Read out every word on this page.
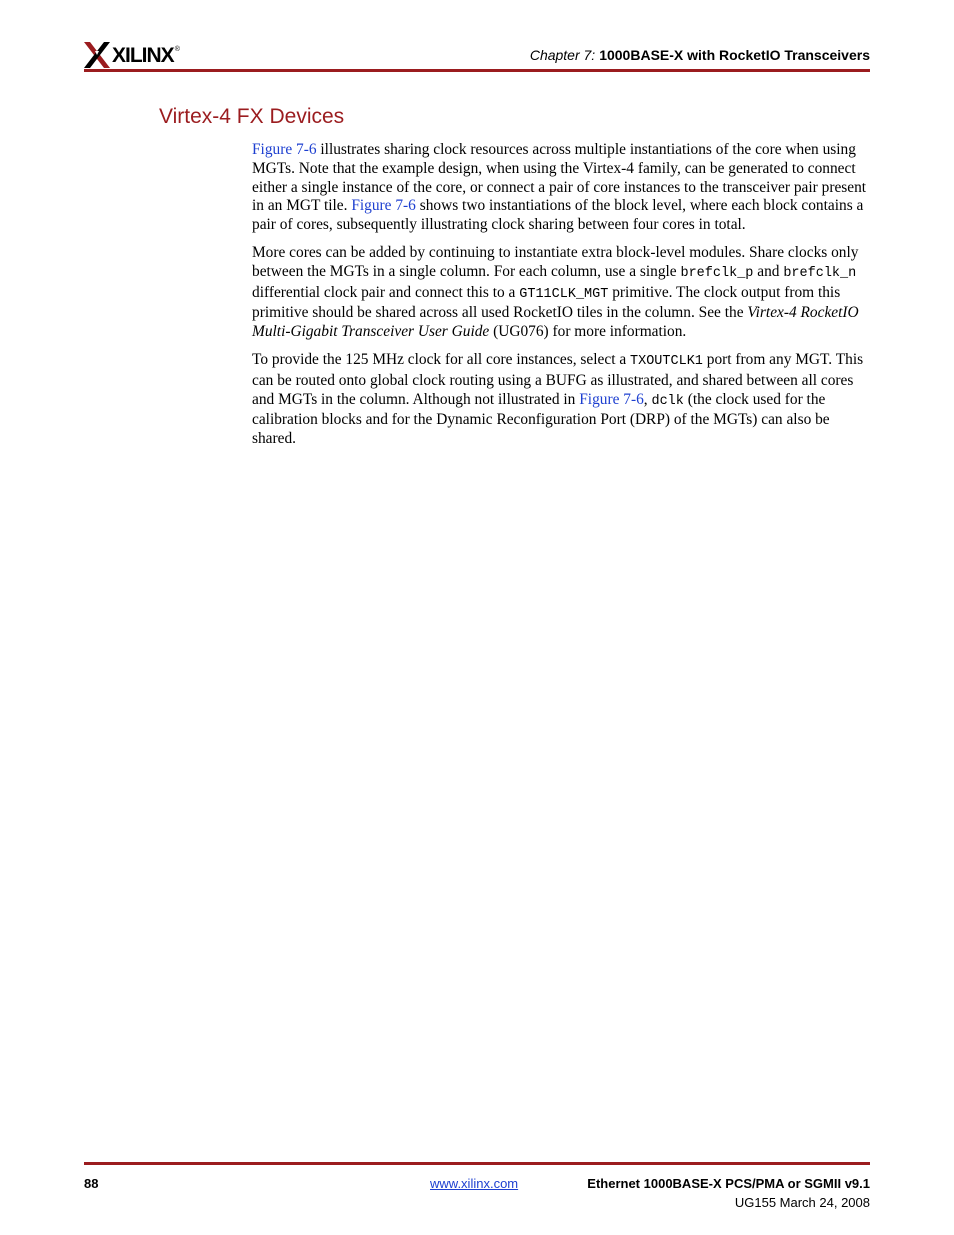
XILINX ®	Chapter 7: 1000BASE-X with RocketIO Transceivers
Virtex-4 FX Devices

Figure 7-6 illustrates sharing clock resources across multiple instantiations of the core when using MGTs. Note that the example design, when using the Virtex-4 family, can be generated to connect either a single instance of the core, or connect a pair of core instances to the transceiver pair present in an MGT tile. Figure 7-6 shows two instantiations of the block level, where each block contains a pair of cores, subsequently illustrating clock sharing between four cores in total.

More cores can be added by continuing to instantiate extra block-level modules. Share clocks only between the MGTs in a single column. For each column, use a single brefclk_p and brefclk_n differential clock pair and connect this to a GT11CLK_MGT primitive. The clock output from this primitive should be shared across all used RocketIO tiles in the column. See the Virtex-4 RocketIO Multi-Gigabit Transceiver User Guide (UG076) for more information.

To provide the 125 MHz clock for all core instances, select a TXOUTCLK1 port from any MGT. This can be routed onto global clock routing using a BUFG as illustrated, and shared between all cores and MGTs in the column. Although not illustrated in Figure 7-6, dclk (the clock used for the calibration blocks and for the Dynamic Reconfiguration Port (DRP) of the MGTs) can also be shared.

88	www.xilinx.com	Ethernet 1000BASE-X PCS/PMA or SGMII v9.1
UG155 March 24, 2008
